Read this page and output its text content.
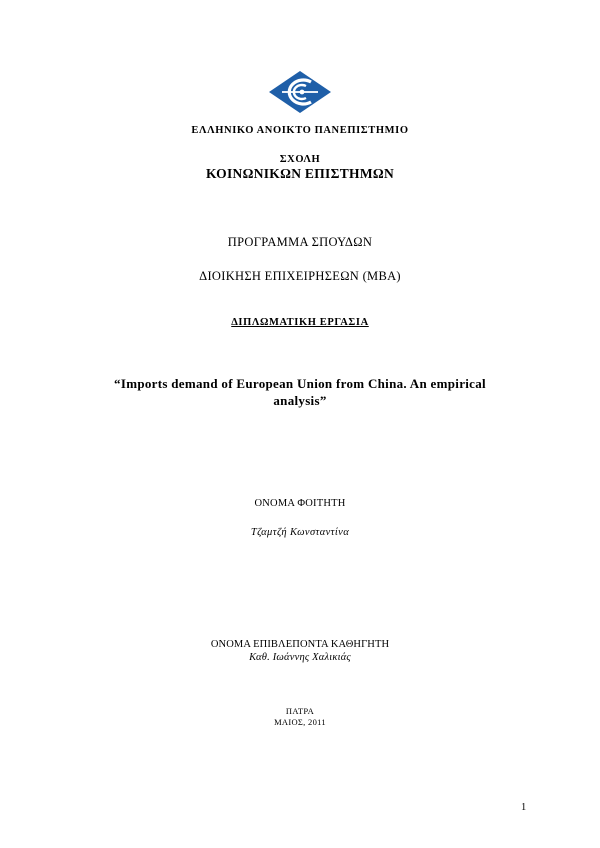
ΕΛΛΗΝΙΚΟ ΑΝΟΙΚΤΟ ΠΑΝΕΠΙΣΤΗΜΙΟ
ΣΧΟΛΗ
ΚΟΙΝΩΝΙΚΩΝ ΕΠΙΣΤΗΜΩΝ
ΠΡΟΓΡΑΜΜΑ ΣΠΟΥΔΩΝ
ΔΙΟΙΚΗΣΗ ΕΠΙΧΕΙΡΗΣΕΩΝ (MBA)
ΔΙΠΛΩΜΑΤΙΚΗ ΕΡΓΑΣΙΑ
“Imports demand of European Union from China. An empirical
analysis”
ΟΝΟΜΑ ΦΟΙΤΗΤΗ
Τζαμτζή Κωνσταντίνα
ΟΝΟΜΑ ΕΠΙΒΛΕΠΟΝΤΑ ΚΑΘΗΓΗΤΗ
Καθ. Ιωάννης Χαλικιάς
ΠΑΤΡΑ
ΜΑΙΟΣ, 2011
1
